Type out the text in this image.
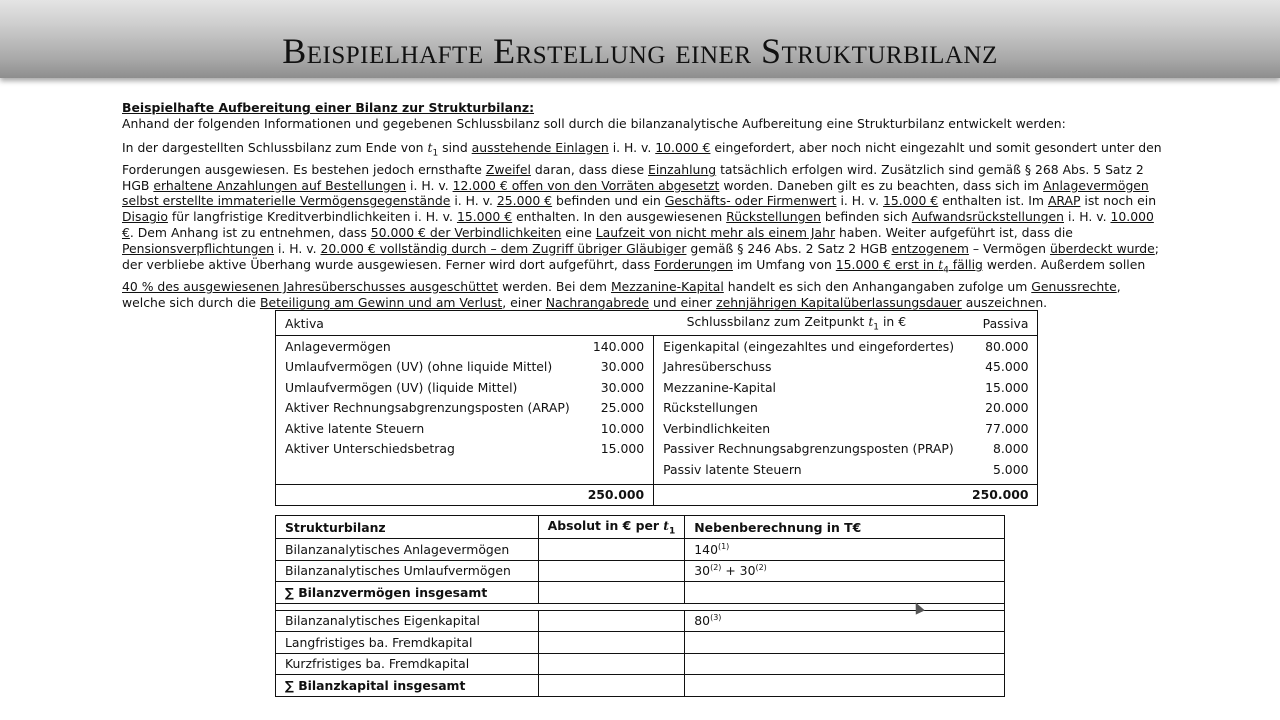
Beispielhafte Erstellung einer Strukturbilanz
Beispielhafte Aufbereitung einer Bilanz zur Strukturbilanz:

Anhand der folgenden Informationen und gegebenen Schlussbilanz soll durch die bilanzanalytische Aufbereitung eine Strukturbilanz entwickelt werden:

In der dargestellten Schlussbilanz zum Ende von $t_1$ sind ausstehende Einlagen i. H. v. 10.000 € eingefordert, aber noch nicht eingezahlt und somit gesondert unter den Forderungen ausgewiesen. Es bestehen jedoch ernsthafte Zweifel daran, dass diese Einzahlung tatsächlich erfolgen wird. Zusätzlich sind gemäß § 268 Abs. 5 Satz 2 HGB erhaltene Anzahlungen auf Bestellungen i. H. v. 12.000 € offen von den Vorräten abgesetzt worden. Daneben gilt es zu beachten, dass sich im Anlagevermögen selbst erstellte immaterielle Vermögensgegenstände i. H. v. 25.000 € befinden und ein Geschäfts- oder Firmenwert i. H. v. 15.000 € enthalten ist. Im ARAP ist noch ein Disagio für langfristige Kreditverbindlichkeiten i. H. v. 15.000 € enthalten. In den ausgewiesenen Rückstellungen befinden sich Aufwandsrückstellungen i. H. v. 10.000 €. Dem Anhang ist zu entnehmen, dass 50.000 € der Verbindlichkeiten eine Laufzeit von nicht mehr als einem Jahr haben. Weiter aufgeführt ist, dass die Pensionsverpflichtungen i. H. v. 20.000 € vollständig durch – dem Zugriff übriger Gläubiger gemäß § 246 Abs. 2 Satz 2 HGB entzogenem – Vermögen überdeckt wurde; der verbliebe aktive Überhang wurde ausgewiesen. Ferner wird dort aufgeführt, dass Forderungen im Umfang von 15.000 € erst in $t_4$ fällig werden. Außerdem sollen 40 % des ausgewiesenen Jahresüberschusses ausgeschüttet werden. Bei dem Mezzanine-Kapital handelt es sich den Anhangangaben zufolge um Genussrechte, welche sich durch die Beteiligung am Gewinn und am Verlust, einer Nachrangabrede und einer zehnjährigen Kapitalüberlassungsdauer auszeichnen.

Aktiva	Schlussbilanz zum Zeitpunkt $t_1$ in €		Passiva
Anlagevermögen	140.000	Eigenkapital (eingezahltes und eingefordertes)	80.000
Umlaufvermögen (UV) (ohne liquide Mittel)	30.000	Jahresüberschuss	45.000
Umlaufvermögen (UV) (liquide Mittel)	30.000	Mezzanine-Kapital	15.000
Aktiver Rechnungsabgrenzungsposten (ARAP)	25.000	Rückstellungen	20.000
Aktive latente Steuern	10.000	Verbindlichkeiten	77.000
Aktiver Unterschiedsbetrag	15.000	Passiver Rechnungsabgrenzungsposten (PRAP)	8.000
		Passiv latente Steuern	5.000

	250.000		250.000
Strukturbilanz	Absolut in € per $t_1$	Nebenberechnung in T€
Bilanzanalytisches Anlagevermögen		140$^{(1)}$
Bilanzanalytisches Umlaufvermögen		$30^{(2)} + 30^{(2)}$
∑ Bilanzvermögen insgesamt		

Bilanzanalytisches Eigenkapital		80$^{(3)}$
Langfristiges ba. Fremdkapital		
Kurzfristiges ba. Fremdkapital		
∑ Bilanzkapital insgesamt		
